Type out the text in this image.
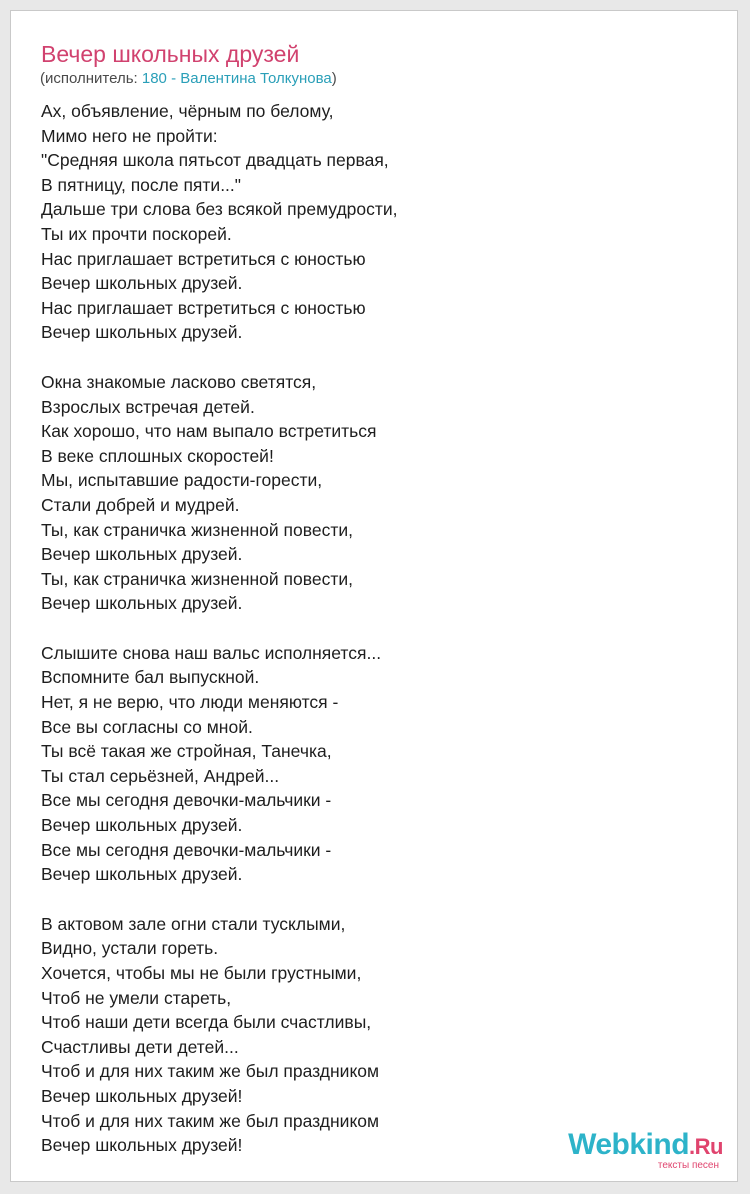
Вечер школьных друзей
(исполнитель: 180 - Валентина Толкунова)
Ах, объявление, чёрным по белому,
Мимо него не пройти:
"Средняя школа пятьсот двадцать первая,
В пятницу, после пяти..."
Дальше три слова без всякой премудрости,
Ты их прочти поскорей.
Нас приглашает встретиться с юностью
Вечер школьных друзей.
Нас приглашает встретиться с юностью
Вечер школьных друзей.
Окна знакомые ласково светятся,
Взрослых встречая детей.
Как хорошо, что нам выпало встретиться
В веке сплошных скоростей!
Мы, испытавшие радости-горести,
Стали добрей и мудрей.
Ты, как страничка жизненной повести,
Вечер школьных друзей.
Ты, как страничка жизненной повести,
Вечер школьных друзей.
Слышите снова наш вальс исполняется...
Вспомните бал выпускной.
Нет, я не верю, что люди меняются -
Все вы согласны со мной.
Ты всё такая же стройная, Танечка,
Ты стал серьёзней, Андрей...
Все мы сегодня девочки-мальчики -
Вечер школьных друзей.
Все мы сегодня девочки-мальчики -
Вечер школьных друзей.
В актовом зале огни стали тусклыми,
Видно, устали гореть.
Хочется, чтобы мы не были грустными,
Чтоб не умели стареть,
Чтоб наши дети всегда были счастливы,
Счастливы дети детей...
Чтоб и для них таким же был праздником
Вечер школьных друзей!
Чтоб и для них таким же был праздником
Вечер школьных друзей!	Webkind.Ru
тексты песен
